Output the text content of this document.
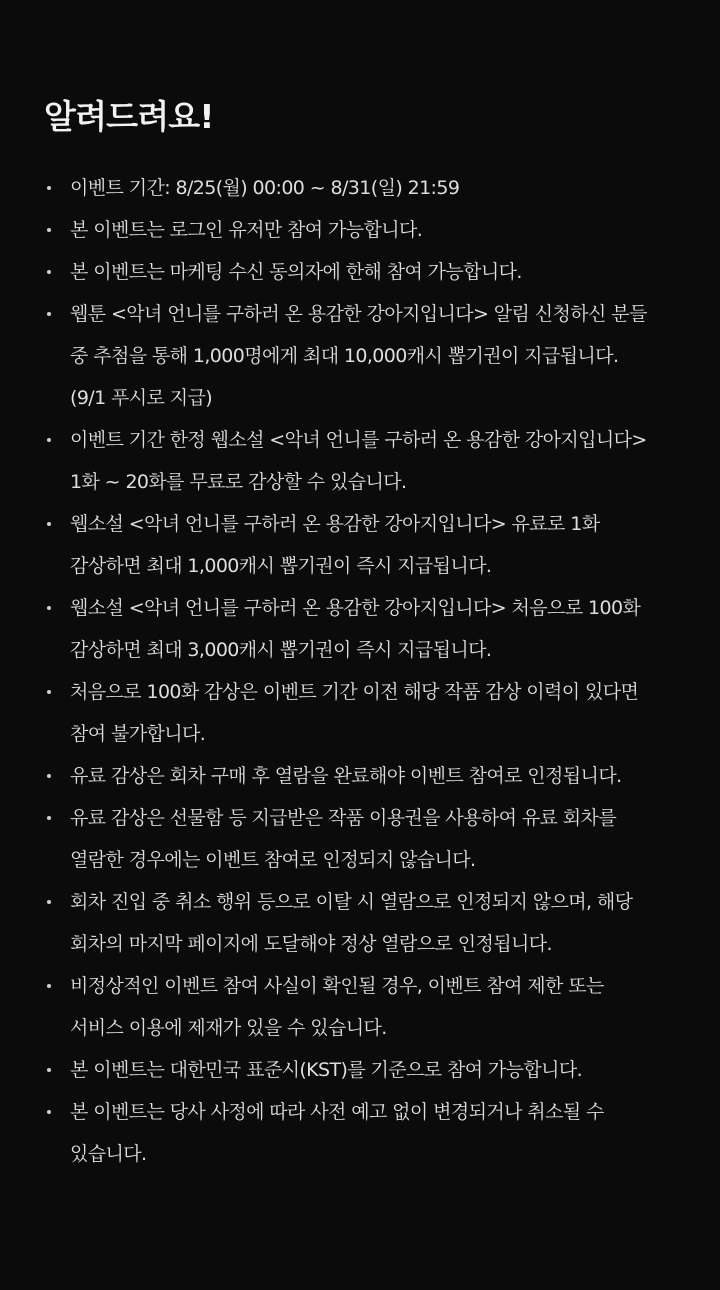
알려드려요!
이벤트 기간: 8/25(월) 00:00 ~ 8/31(일) 21:59
본 이벤트는 로그인 유저만 참여 가능합니다.
본 이벤트는 마케팅 수신 동의자에 한해 참여 가능합니다.
웹툰 <악녀 언니를 구하러 온 용감한 강아지입니다> 알림 신청하신 분들
중 추첨을 통해 1,000명에게 최대 10,000캐시 뽑기권이 지급됩니다.
(9/1 푸시로 지급)
이벤트 기간 한정 웹소설 <악녀 언니를 구하러 온 용감한 강아지입니다>
1화 ~ 20화를 무료로 감상할 수 있습니다.
웹소설 <악녀 언니를 구하러 온 용감한 강아지입니다> 유료로 1화
감상하면 최대 1,000캐시 뽑기권이 즉시 지급됩니다.
웹소설 <악녀 언니를 구하러 온 용감한 강아지입니다> 처음으로 100화
감상하면 최대 3,000캐시 뽑기권이 즉시 지급됩니다.
처음으로 100화 감상은 이벤트 기간 이전 해당 작품 감상 이력이 있다면
참여 불가합니다.
유료 감상은 회차 구매 후 열람을 완료해야 이벤트 참여로 인정됩니다.
유료 감상은 선물함 등 지급받은 작품 이용권을 사용하여 유료 회차를
열람한 경우에는 이벤트 참여로 인정되지 않습니다.
회차 진입 중 취소 행위 등으로 이탈 시 열람으로 인정되지 않으며, 해당
회차의 마지막 페이지에 도달해야 정상 열람으로 인정됩니다.
비정상적인 이벤트 참여 사실이 확인될 경우, 이벤트 참여 제한 또는
서비스 이용에 제재가 있을 수 있습니다.
본 이벤트는 대한민국 표준시(KST)를 기준으로 참여 가능합니다.
본 이벤트는 당사 사정에 따라 사전 예고 없이 변경되거나 취소될 수
있습니다.
